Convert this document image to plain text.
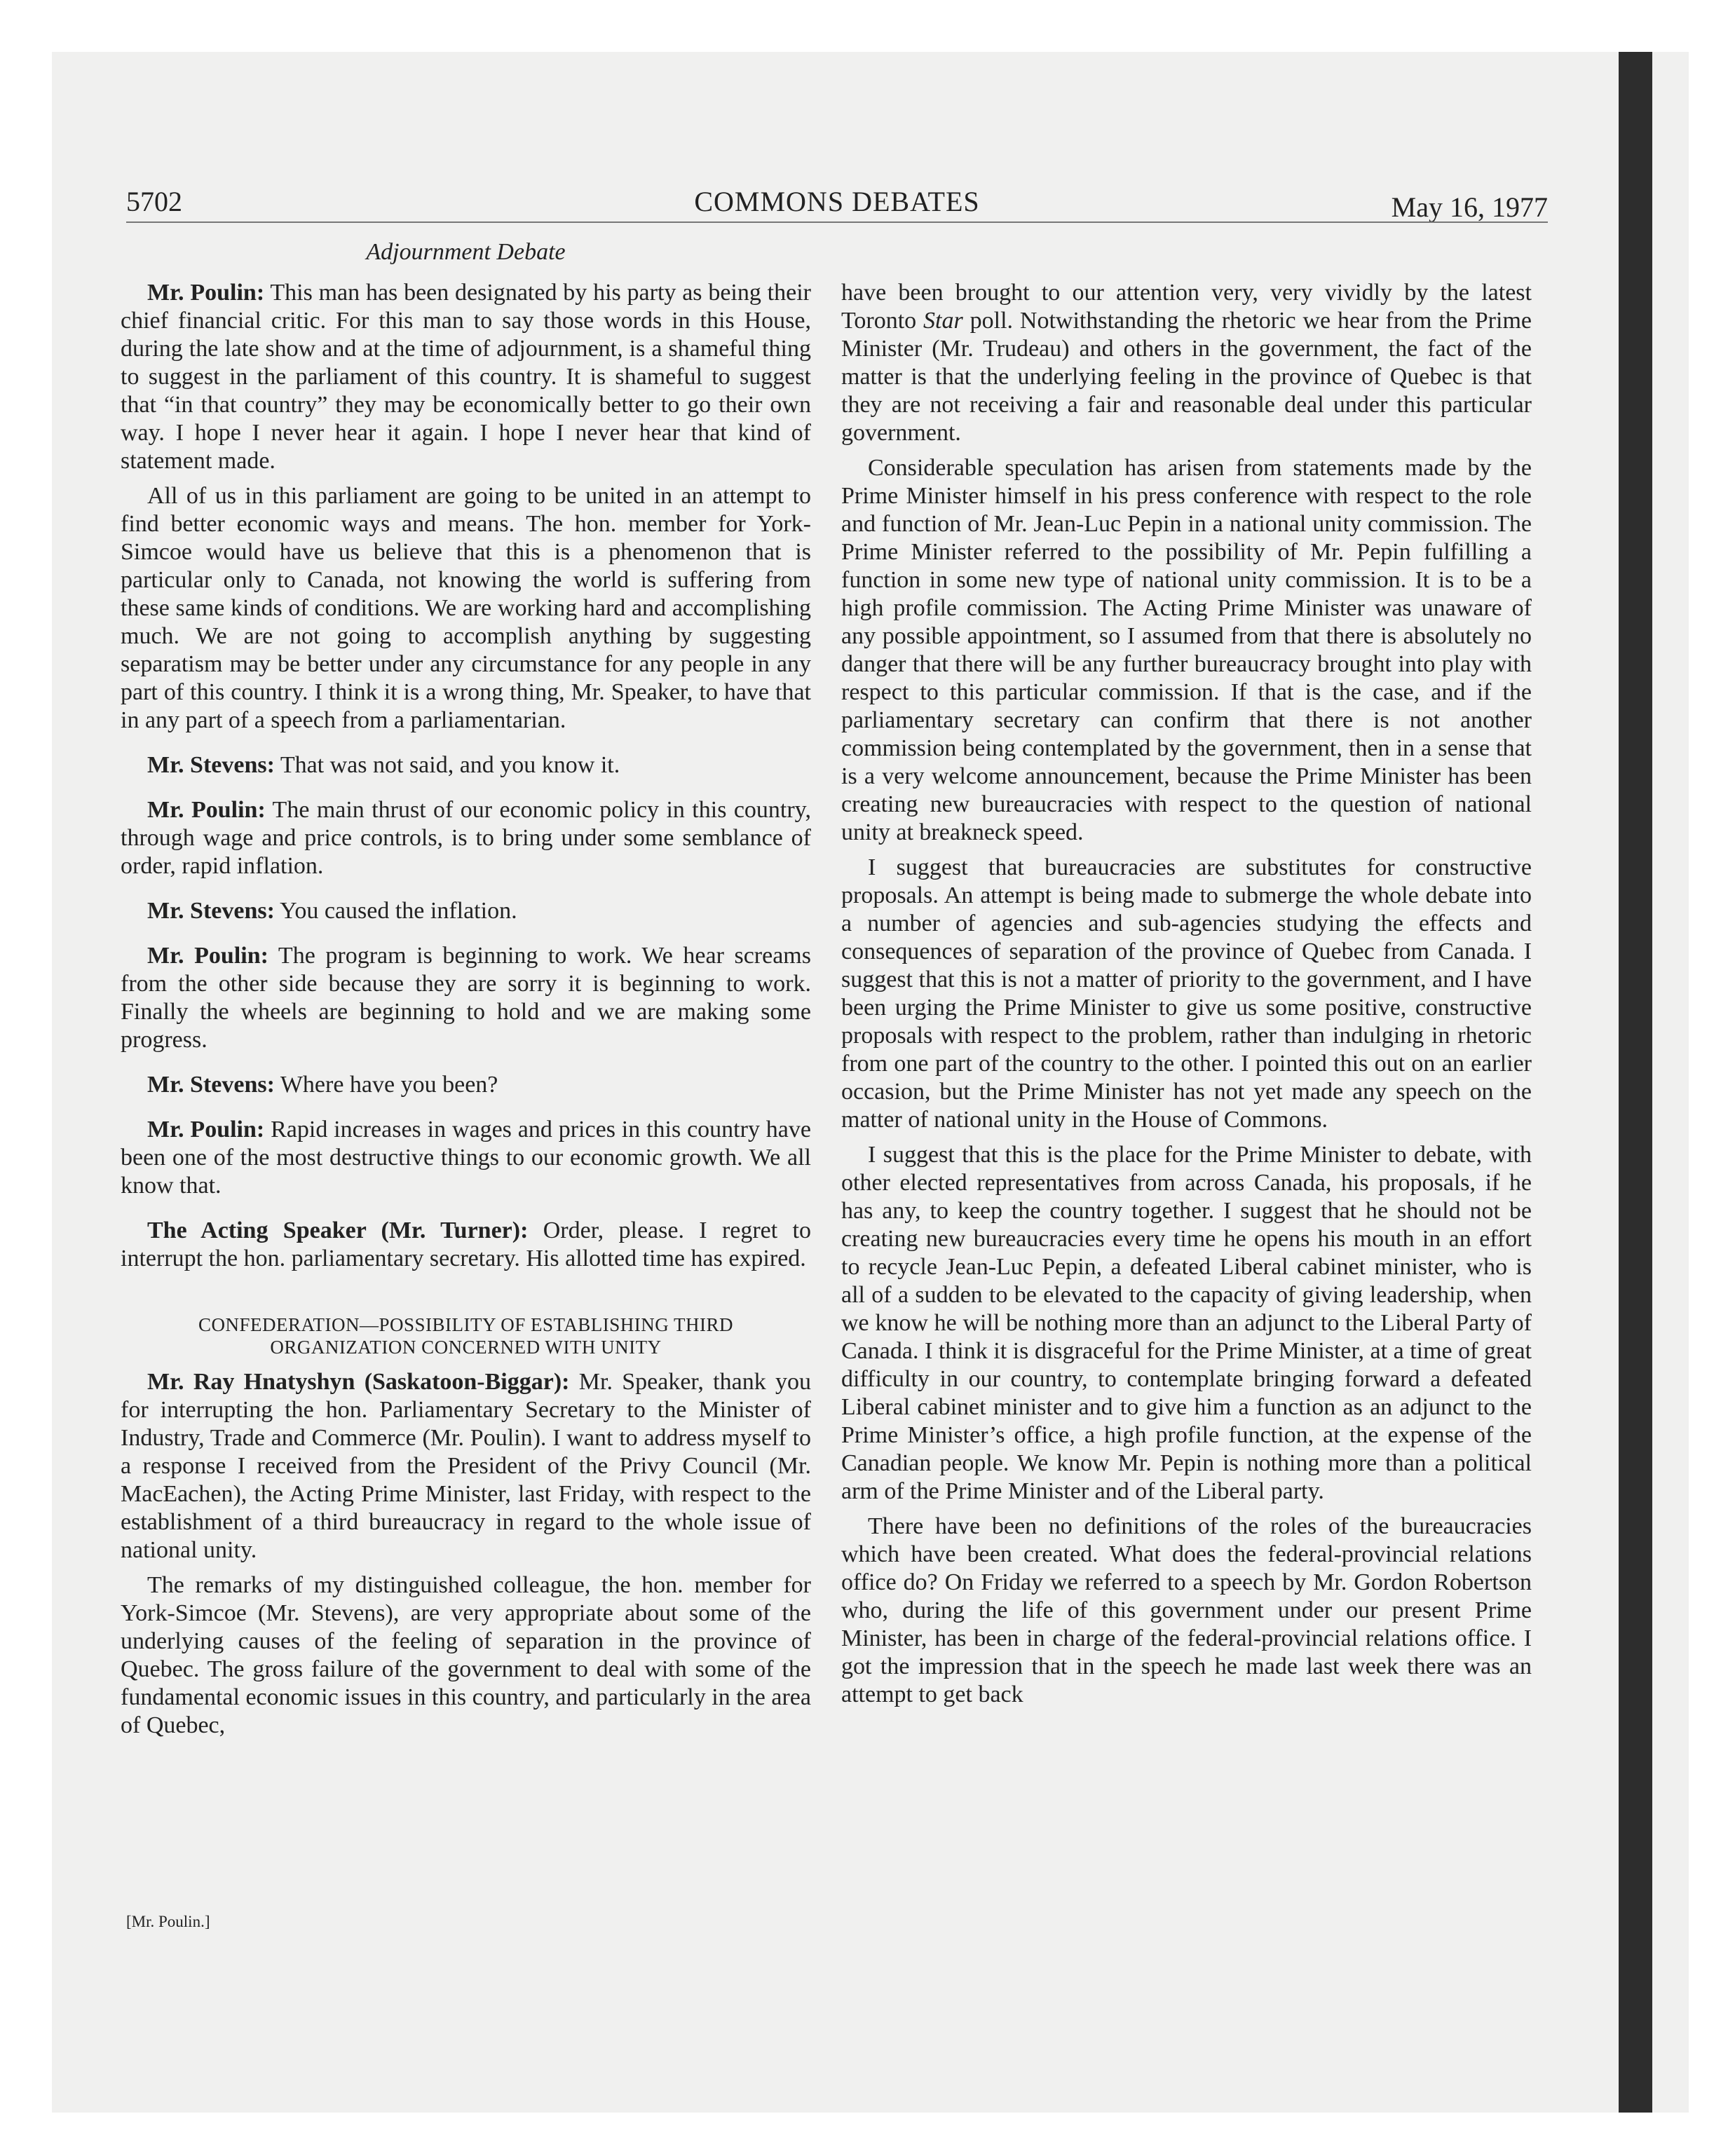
5702	COMMONS DEBATES	May 16, 1977
Adjournment Debate

Mr. Poulin: This man has been designated by his party as being their chief financial critic. For this man to say those words in this House, during the late show and at the time of adjournment, is a shameful thing to suggest in the parliament of this country. It is shameful to suggest that “in that country” they may be economically better to go their own way. I hope I never hear it again. I hope I never hear that kind of statement made.

All of us in this parliament are going to be united in an attempt to find better economic ways and means. The hon. member for York-Simcoe would have us believe that this is a phenomenon that is particular only to Canada, not knowing the world is suffering from these same kinds of conditions. We are working hard and accomplishing much. We are not going to accomplish anything by suggesting separatism may be better under any circumstance for any people in any part of this country. I think it is a wrong thing, Mr. Speaker, to have that in any part of a speech from a parliamentarian.

Mr. Stevens: That was not said, and you know it.

Mr. Poulin: The main thrust of our economic policy in this country, through wage and price controls, is to bring under some semblance of order, rapid inflation.

Mr. Stevens: You caused the inflation.

Mr. Poulin: The program is beginning to work. We hear screams from the other side because they are sorry it is beginning to work. Finally the wheels are beginning to hold and we are making some progress.

Mr. Stevens: Where have you been?

Mr. Poulin: Rapid increases in wages and prices in this country have been one of the most destructive things to our economic growth. We all know that.

The Acting Speaker (Mr. Turner): Order, please. I regret to interrupt the hon. parliamentary secretary. His allotted time has expired.

CONFEDERATION—POSSIBILITY OF ESTABLISHING THIRD
ORGANIZATION CONCERNED WITH UNITY

Mr. Ray Hnatyshyn (Saskatoon-Biggar): Mr. Speaker, thank you for interrupting the hon. Parliamentary Secretary to the Minister of Industry, Trade and Commerce (Mr. Poulin). I want to address myself to a response I received from the President of the Privy Council (Mr. MacEachen), the Acting Prime Minister, last Friday, with respect to the establishment of a third bureaucracy in regard to the whole issue of national unity.

The remarks of my distinguished colleague, the hon. member for York-Simcoe (Mr. Stevens), are very appropriate about some of the underlying causes of the feeling of separation in the province of Quebec. The gross failure of the government to deal with some of the fundamental economic issues in this country, and particularly in the area of Quebec,

[Mr. Poulin.]

have been brought to our attention very, very vividly by the latest Toronto Star poll. Notwithstanding the rhetoric we hear from the Prime Minister (Mr. Trudeau) and others in the government, the fact of the matter is that the underlying feeling in the province of Quebec is that they are not receiving a fair and reasonable deal under this particular government.

Considerable speculation has arisen from statements made by the Prime Minister himself in his press conference with respect to the role and function of Mr. Jean-Luc Pepin in a national unity commission. The Prime Minister referred to the possibility of Mr. Pepin fulfilling a function in some new type of national unity commission. It is to be a high profile commission. The Acting Prime Minister was unaware of any possible appointment, so I assumed from that there is absolutely no danger that there will be any further bureaucracy brought into play with respect to this particular commission. If that is the case, and if the parliamentary secretary can confirm that there is not another commission being contemplated by the government, then in a sense that is a very welcome announcement, because the Prime Minister has been creating new bureaucracies with respect to the question of national unity at breakneck speed.

I suggest that bureaucracies are substitutes for constructive proposals. An attempt is being made to submerge the whole debate into a number of agencies and sub-agencies studying the effects and consequences of separation of the province of Quebec from Canada. I suggest that this is not a matter of priority to the government, and I have been urging the Prime Minister to give us some positive, constructive proposals with respect to the problem, rather than indulging in rhetoric from one part of the country to the other. I pointed this out on an earlier occasion, but the Prime Minister has not yet made any speech on the matter of national unity in the House of Commons.

I suggest that this is the place for the Prime Minister to debate, with other elected representatives from across Canada, his proposals, if he has any, to keep the country together. I suggest that he should not be creating new bureaucracies every time he opens his mouth in an effort to recycle Jean-Luc Pepin, a defeated Liberal cabinet minister, who is all of a sudden to be elevated to the capacity of giving leadership, when we know he will be nothing more than an adjunct to the Liberal Party of Canada. I think it is disgraceful for the Prime Minister, at a time of great difficulty in our country, to contemplate bringing forward a defeated Liberal cabinet minister and to give him a function as an adjunct to the Prime Minister’s office, a high profile function, at the expense of the Canadian people. We know Mr. Pepin is nothing more than a political arm of the Prime Minister and of the Liberal party.

There have been no definitions of the roles of the bureaucracies which have been created. What does the federal-provincial relations office do? On Friday we referred to a speech by Mr. Gordon Robertson who, during the life of this government under our present Prime Minister, has been in charge of the federal-provincial relations office. I got the impression that in the speech he made last week there was an attempt to get back
